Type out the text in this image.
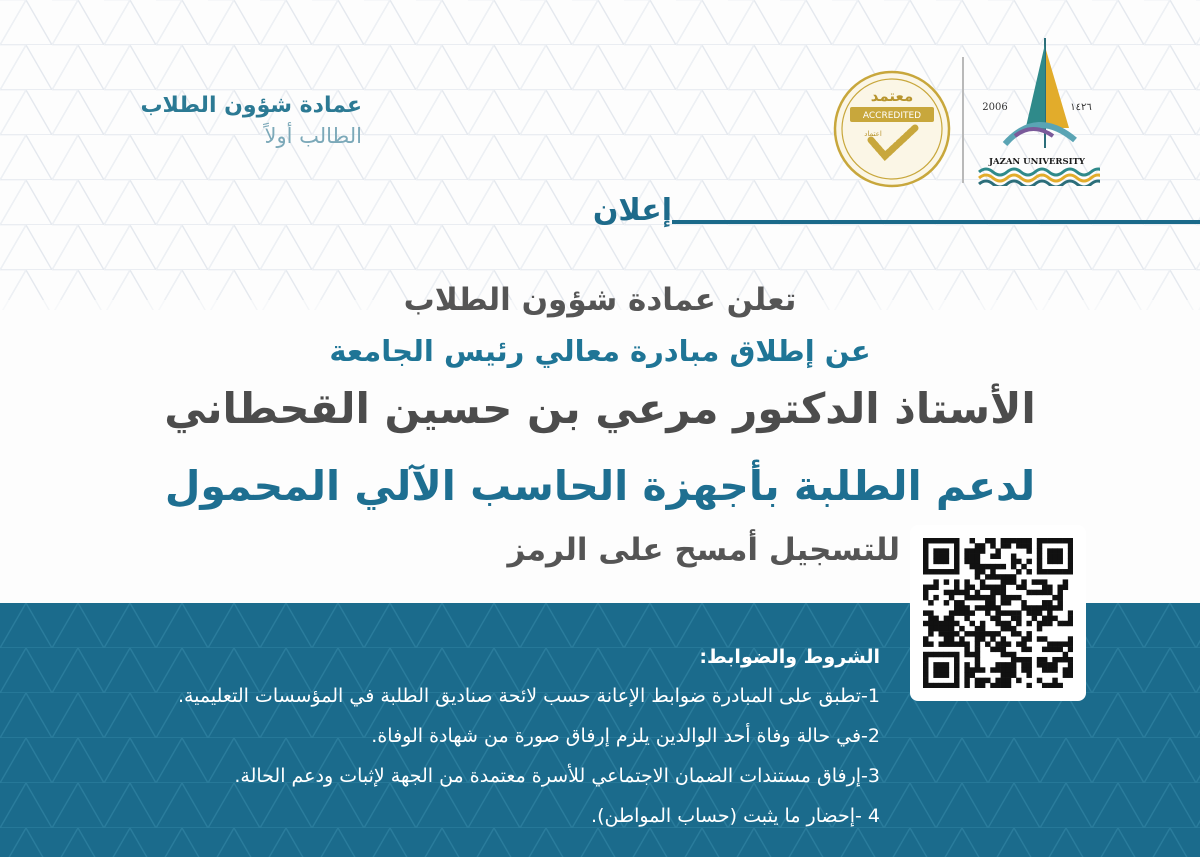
عمادة شؤون الطلاب
الطالب أولاً
معتمد
ACCREDITED
اعتماد
2006	١٤٢٦
JAZAN UNIVERSITY
إعلان
تعلن عمادة شؤون الطلاب
عن إطلاق مبادرة معالي رئيس الجامعة
الأستاذ الدكتور مرعي بن حسين القحطاني
لدعم الطلبة بأجهزة الحاسب الآلي المحمول
للتسجيل أمسح على الرمز
الشروط والضوابط:
1-تطبق على المبادرة ضوابط الإعانة حسب لائحة صناديق الطلبة في المؤسسات التعليمية.
2-في حالة وفاة أحد الوالدين يلزم إرفاق صورة من شهادة الوفاة.
3-إرفاق مستندات الضمان الاجتماعي للأسرة معتمدة من الجهة لإثبات ودعم الحالة.
4 -إحضار ما يثبت (حساب المواطن).
